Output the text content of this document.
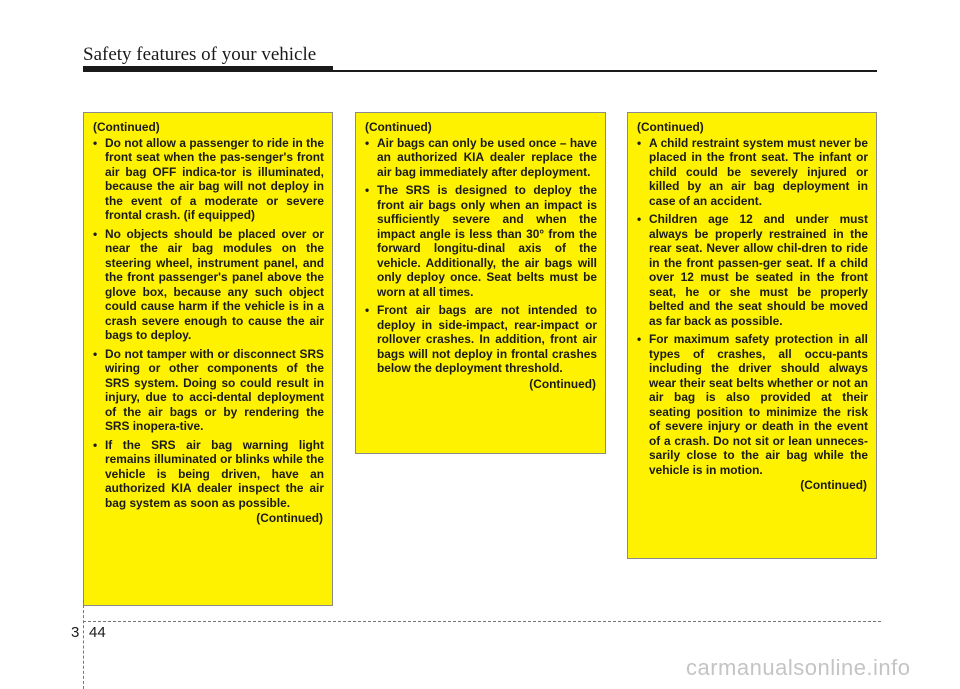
Safety features of your vehicle
(Continued)
• Do not allow a passenger to ride in the front seat when the pas-senger's front air bag OFF indica-tor is illuminated, because the air bag will not deploy in the event of a moderate or severe frontal crash. (if equipped)
• No objects should be placed over or near the air bag modules on the steering wheel, instrument panel, and the front passenger's panel above the glove box, because any such object could cause harm if the vehicle is in a crash severe enough to cause the air bags to deploy.
• Do not tamper with or disconnect SRS wiring or other components of the SRS system. Doing so could result in injury, due to acci-dental deployment of the air bags or by rendering the SRS inopera-tive.
• If the SRS air bag warning light remains illuminated or blinks while the vehicle is being driven, have an authorized KIA dealer inspect the air bag system as soon as possible.
(Continued)
(Continued)
• Air bags can only be used once – have an authorized KIA dealer replace the air bag immediately after deployment.
• The SRS is designed to deploy the front air bags only when an impact is sufficiently severe and when the impact angle is less than 30° from the forward longitu-dinal axis of the vehicle. Additionally, the air bags will only deploy once. Seat belts must be worn at all times.
• Front air bags are not intended to deploy in side-impact, rear-impact or rollover crashes. In addition, front air bags will not deploy in frontal crashes below the deployment threshold.
(Continued)
(Continued)
• A child restraint system must never be placed in the front seat. The infant or child could be severely injured or killed by an air bag deployment in case of an accident.
• Children age 12 and under must always be properly restrained in the rear seat. Never allow chil-dren to ride in the front passen-ger seat. If a child over 12 must be seated in the front seat, he or she must be properly belted and the seat should be moved as far back as possible.
• For maximum safety protection in all types of crashes, all occu-pants including the driver should always wear their seat belts whether or not an air bag is also provided at their seating position to minimize the risk of severe injury or death in the event of a crash. Do not sit or lean unneces-sarily close to the air bag while the vehicle is in motion.
(Continued)
3 44
carmanualsonline.info
